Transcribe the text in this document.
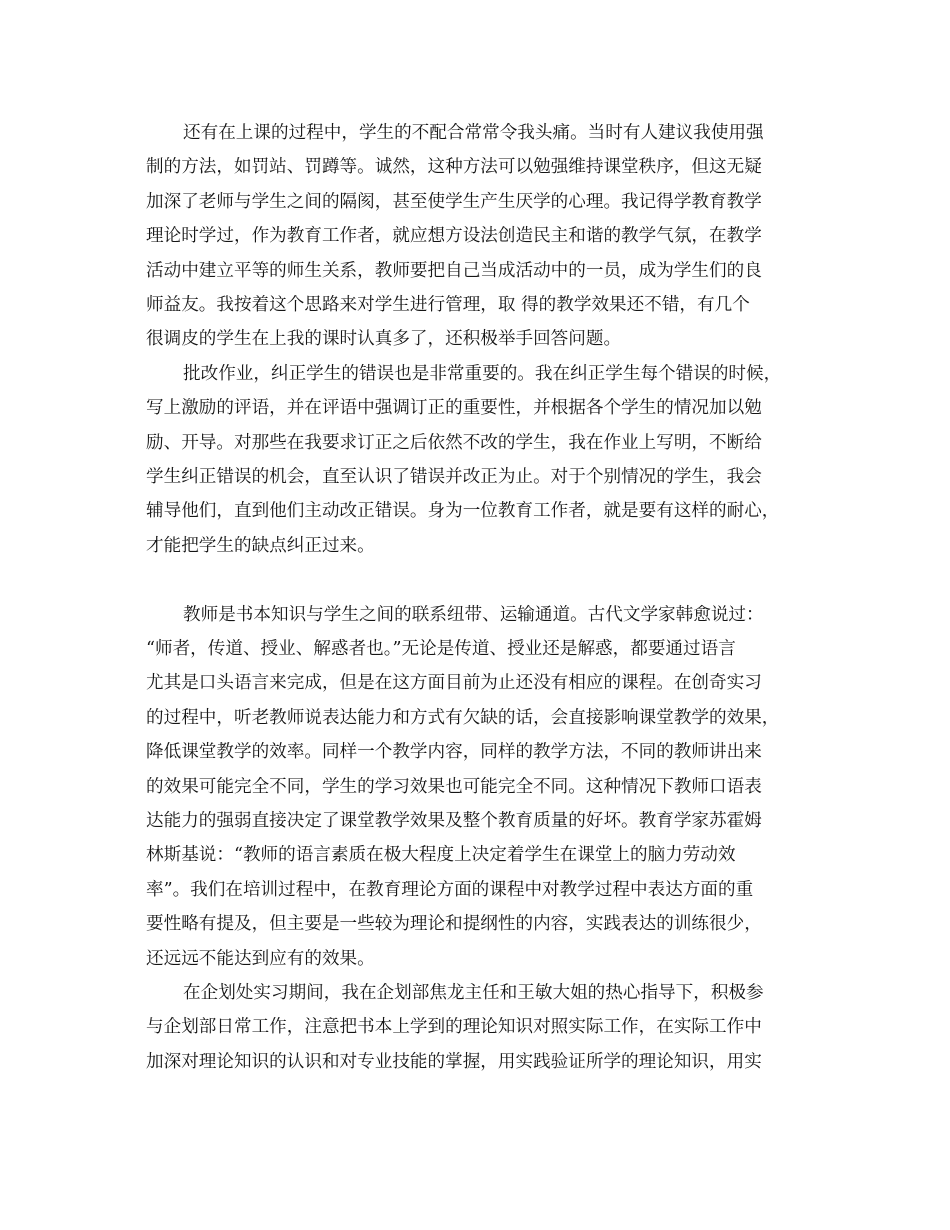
还有在上课的过程中，学生的不配合常常令我头痛。当时有人建议我使用强
制的方法，如罚站、罚蹲等。诚然，这种方法可以勉强维持课堂秩序，但这无疑
加深了老师与学生之间的隔阂，甚至使学生产生厌学的心理。我记得学教育教学
理论时学过，作为教育工作者，就应想方设法创造民主和谐的教学气氛，在教学
活动中建立平等的师生关系，教师要把自己当成活动中的一员，成为学生们的良
师益友。我按着这个思路来对学生进行管理，取 得的教学效果还不错，有几个
很调皮的学生在上我的课时认真多了，还积极举手回答问题。
批改作业，纠正学生的错误也是非常重要的。我在纠正学生每个错误的时候，
写上激励的评语，并在评语中强调订正的重要性，并根据各个学生的情况加以勉
励、开导。对那些在我要求订正之后依然不改的学生，我在作业上写明，不断给
学生纠正错误的机会，直至认识了错误并改正为止。对于个别情况的学生，我会
辅导他们，直到他们主动改正错误。身为一位教育工作者，就是要有这样的耐心，
才能把学生的缺点纠正过来。
教师是书本知识与学生之间的联系纽带、运输通道。古代文学家韩愈说过：
“师者，传道、授业、解惑者也。”无论是传道、授业还是解惑，都要通过语言
尤其是口头语言来完成，但是在这方面目前为止还没有相应的课程。在创奇实习
的过程中，听老教师说表达能力和方式有欠缺的话，会直接影响课堂教学的效果，
降低课堂教学的效率。同样一个教学内容，同样的教学方法，不同的教师讲出来
的效果可能完全不同，学生的学习效果也可能完全不同。这种情况下教师口语表
达能力的强弱直接决定了课堂教学效果及整个教育质量的好坏。教育学家苏霍姆
林斯基说：“教师的语言素质在极大程度上决定着学生在课堂上的脑力劳动效
率”。我们在培训过程中，在教育理论方面的课程中对教学过程中表达方面的重
要性略有提及，但主要是一些较为理论和提纲性的内容，实践表达的训练很少，
还远远不能达到应有的效果。
在企划处实习期间，我在企划部焦龙主任和王敏大姐的热心指导下，积极参
与企划部日常工作，注意把书本上学到的理论知识对照实际工作，在实际工作中
加深对理论知识的认识和对专业技能的掌握，用实践验证所学的理论知识，用实
